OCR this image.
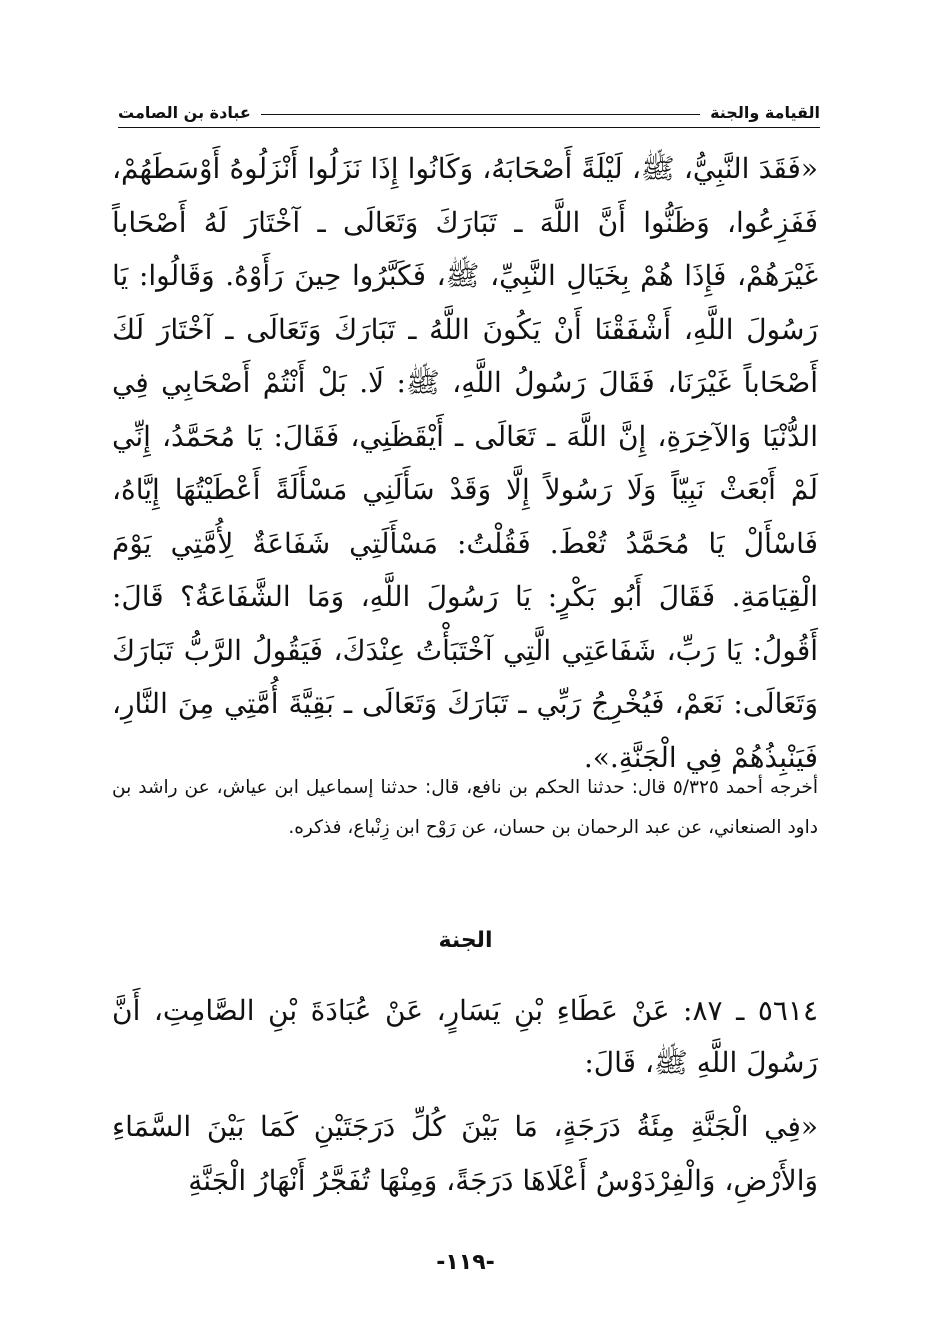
القيامة والجنة
عبادة بن الصامت

«فَقَدَ النَّبِيُّ، ﷺ، لَيْلَةً أَصْحَابَهُ، وَكَانُوا إِذَا نَزَلُوا أَنْزَلُوهُ أَوْسَطَهُمْ، فَفَزِعُوا، وَظَنُّوا أَنَّ اللَّهَ ـ تَبَارَكَ وَتَعَالَى ـ آخْتَارَ لَهُ أَصْحَاباً غَيْرَهُمْ، فَإِذَا هُمْ بِخَيَالِ النَّبِيِّ، ﷺ، فَكَبَّرُوا حِينَ رَأَوْهُ. وَقَالُوا: يَا رَسُولَ اللَّهِ، أَشْفَقْنَا أَنْ يَكُونَ اللَّهُ ـ تَبَارَكَ وَتَعَالَى ـ آخْتَارَ لَكَ أَصْحَاباً غَيْرَنَا، فَقَالَ رَسُولُ اللَّهِ، ﷺ: لَا. بَلْ أَنْتُمْ أَصْحَابِي فِي الدُّنْيَا وَالآخِرَةِ، إِنَّ اللَّهَ ـ تَعَالَى ـ أَيْقَظَنِي، فَقَالَ: يَا مُحَمَّدُ، إِنِّي لَمْ أَبْعَثْ نَبِيّاً وَلَا رَسُولاً إِلَّا وَقَدْ سَأَلَنِي مَسْأَلَةً أَعْطَيْتُهَا إِيَّاهُ، فَاسْأَلْ يَا مُحَمَّدُ تُعْطَ. فَقُلْتُ: مَسْأَلَتِي شَفَاعَةٌ لِأُمَّتِي يَوْمَ الْقِيَامَةِ. فَقَالَ أَبُو بَكْرٍ: يَا رَسُولَ اللَّهِ، وَمَا الشَّفَاعَةُ؟ قَالَ: أَقُولُ: يَا رَبِّ، شَفَاعَتِي الَّتِي آخْتَبَأْتُ عِنْدَكَ، فَيَقُولُ الرَّبُّ تَبَارَكَ وَتَعَالَى: نَعَمْ، فَيُخْرِجُ رَبِّي ـ تَبَارَكَ وَتَعَالَى ـ بَقِيَّةَ أُمَّتِي مِنَ النَّارِ، فَيَنْبِذُهُمْ فِي الْجَنَّةِ.».

أخرجه أحمد ٥/٣٢٥ قال: حدثنا الحكم بن نافع، قال: حدثنا إسماعيل ابن عياش، عن راشد بن داود الصنعاني، عن عبد الرحمان بن حسان، عن رَوْح ابن زِنْباع، فذكره.
الجنة
٥٦١٤ ـ ٨٧: عَنْ عَطَاءِ بْنِ يَسَارٍ، عَنْ عُبَادَةَ بْنِ الصَّامِتِ، أَنَّ رَسُولَ اللَّهِ ﷺ، قَالَ:

«فِي الْجَنَّةِ مِئَةُ دَرَجَةٍ، مَا بَيْنَ كُلِّ دَرَجَتَيْنِ كَمَا بَيْنَ السَّمَاءِ وَالأَرْضِ، وَالْفِرْدَوْسُ أَعْلَاهَا دَرَجَةً، وَمِنْهَا تُفَجَّرُ أَنْهَارُ الْجَنَّةِ

-١١٩-
